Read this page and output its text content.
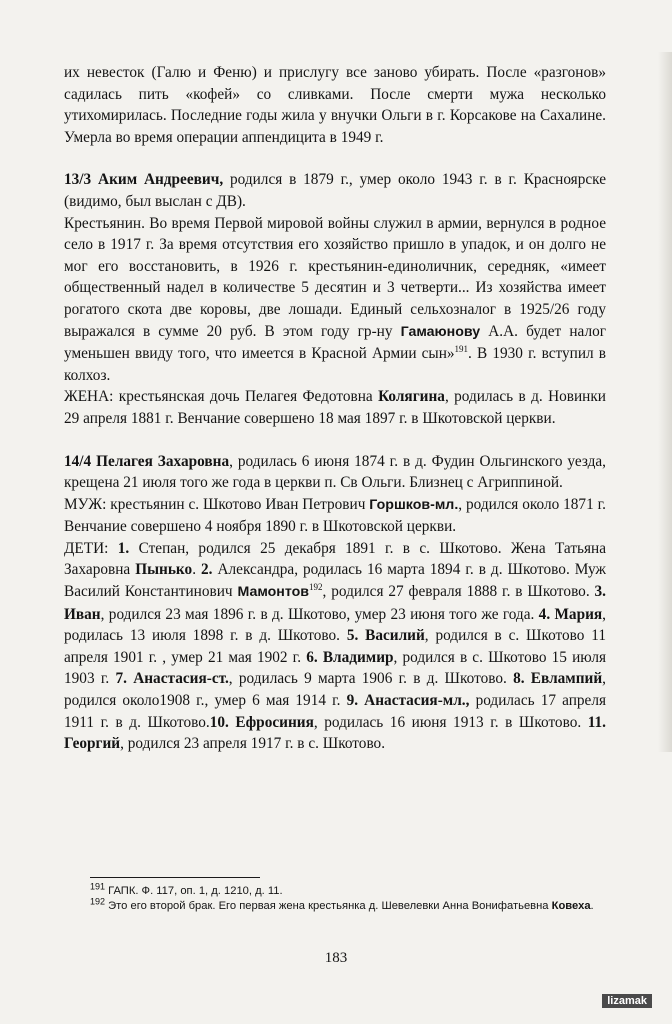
их невесток (Галю и Феню) и прислугу все заново убирать. После «разгонов» садилась пить «кофей» со сливками. После смерти мужа несколько утихомирилась. Последние годы жила у внучки Ольги в г. Корсакове на Сахалине. Умерла во время операции аппендицита в 1949 г.

13/3 Аким Андреевич, родился в 1879 г., умер около 1943 г. в г. Красноярске (видимо, был выслан с ДВ).

Крестьянин. Во время Первой мировой войны служил в армии, вернулся в родное село в 1917 г. За время отсутствия его хозяйство пришло в упадок, и он долго не мог его восстановить, в 1926 г. крестьянин-единоличник, середняк, «имеет общественный надел в количестве 5 десятин и 3 четверти... Из хозяйства имеет рогатого скота две коровы, две лошади. Единый сельхозналог в 1925/26 году выражался в сумме 20 руб. В этом году гр-ну Гамаюнову А.А. будет налог уменьшен ввиду того, что имеется в Красной Армии сын»$^{191}$. В 1930 г. вступил в колхоз.

ЖЕНА: крестьянская дочь Пелагея Федотовна Колягина, родилась в д. Новинки 29 апреля 1881 г. Венчание совершено 18 мая 1897 г. в Шкотовской церкви.

14/4 Пелагея Захаровна, родилась 6 июня 1874 г. в д. Фудин Ольгинского уезда, крещена 21 июля того же года в церкви п. Св Ольги. Близнец с Агриппиной.

МУЖ: крестьянин с. Шкотово Иван Петрович Горшков-мл., родился около 1871 г. Венчание совершено 4 ноября 1890 г. в Шкотовской церкви.

ДЕТИ: 1. Степан, родился 25 декабря 1891 г. в с. Шкотово. Жена Татьяна Захаровна Пынько. 2. Александра, родилась 16 марта 1894 г. в д. Шкотово. Муж Василий Константинович Мамонтов$^{192}$, родился 27 февраля 1888 г. в Шкотово. 3. Иван, родился 23 мая 1896 г. в д. Шкотово, умер 23 июня того же года. 4. Мария, родилась 13 июля 1898 г. в д. Шкотово. 5. Василий, родился в с. Шкотово 11 апреля 1901 г. , умер 21 мая 1902 г. 6. Владимир, родился в с. Шкотово 15 июля 1903 г. 7. Анастасия-ст., родилась 9 марта 1906 г. в д. Шкотово. 8. Евлампий, родился около1908 г., умер 6 мая 1914 г. 9. Анастасия-мл., родилась 17 апреля 1911 г. в д. Шкотово.10. Ефросиния, родилась 16 июня 1913 г. в Шкотово. 11. Георгий, родился 23 апреля 1917 г. в с. Шкотово.

$^{191}$ ГАПК. Ф. 117, оп. 1, д. 1210, д. 11.

$^{192}$ Это его второй брак. Его первая жена крестьянка д. Шевелевки Анна Вонифатьевна Ковеха.

183
lizamak
